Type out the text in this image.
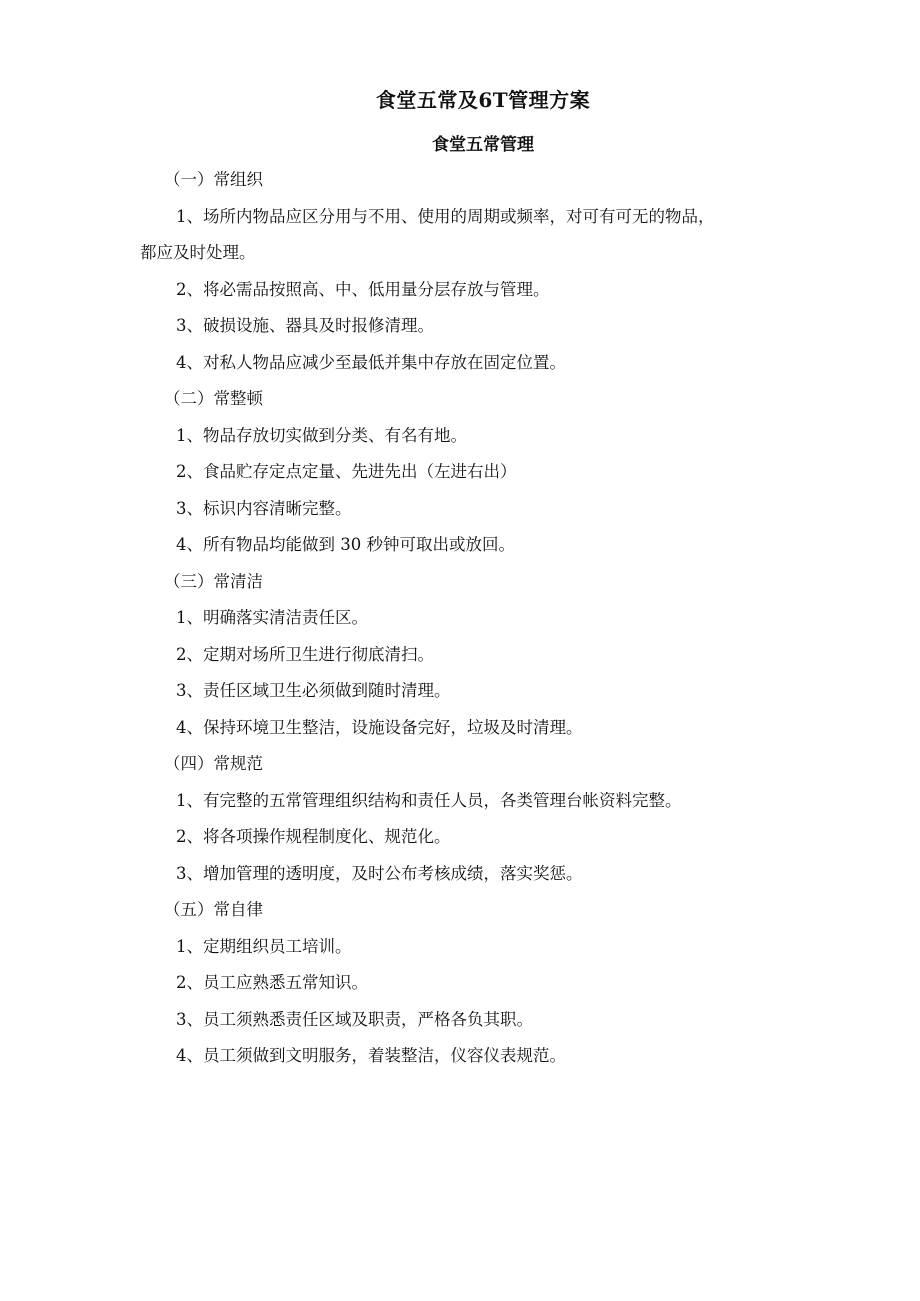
食堂五常及6T管理方案
食堂五常管理

（一）常组织

1、场所内物品应区分用与不用、使用的周期或频率，对可有可无的物品，

都应及时处理。

2、将必需品按照高、中、低用量分层存放与管理。

3、破损设施、器具及时报修清理。

4、对私人物品应减少至最低并集中存放在固定位置。

（二）常整顿

1、物品存放切实做到分类、有名有地。

2、食品贮存定点定量、先进先出（左进右出）

3、标识内容清晰完整。

4、所有物品均能做到 30 秒钟可取出或放回。

（三）常清洁

1、明确落实清洁责任区。

2、定期对场所卫生进行彻底清扫。

3、责任区域卫生必须做到随时清理。

4、保持环境卫生整洁，设施设备完好，垃圾及时清理。

（四）常规范

1、有完整的五常管理组织结构和责任人员，各类管理台帐资料完整。

2、将各项操作规程制度化、规范化。

3、增加管理的透明度，及时公布考核成绩，落实奖惩。

（五）常自律

1、定期组织员工培训。

2、员工应熟悉五常知识。

3、员工须熟悉责任区域及职责，严格各负其职。

4、员工须做到文明服务，着装整洁，仪容仪表规范。
